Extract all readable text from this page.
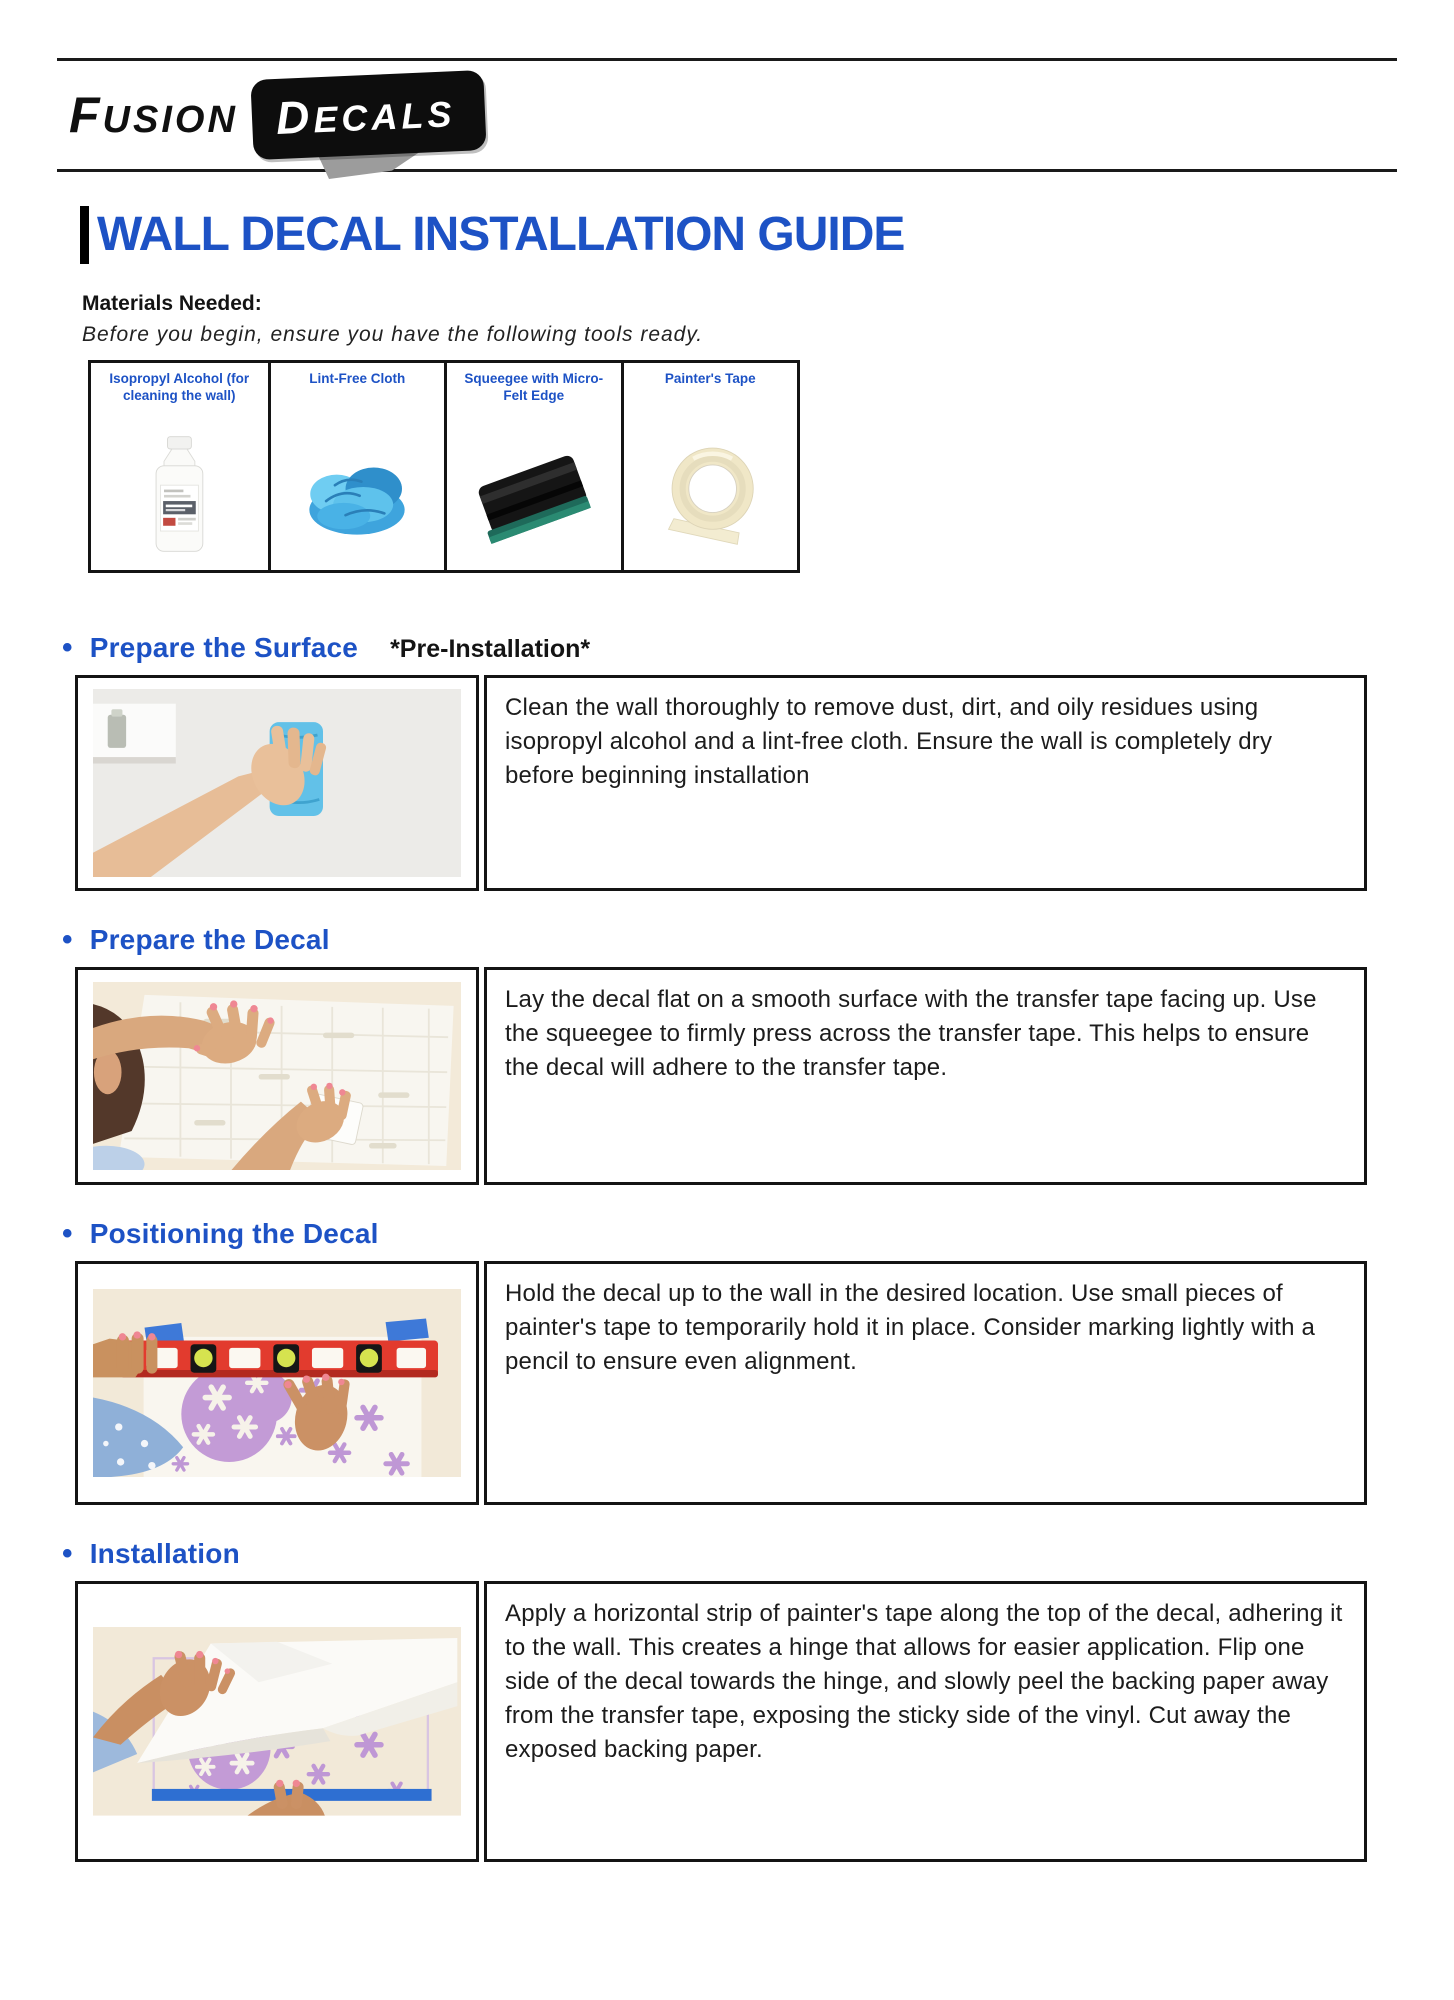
FUSION	DECALS
WALL DECAL INSTALLATION GUIDE
Materials Needed:
Before you begin, ensure you have the following tools ready.
Isopropyl Alcohol (for cleaning the wall)
Lint-Free Cloth	Squeegee with Micro-Felt Edge
Painter's Tape
• Prepare the Surface *Pre-Installation*
Clean the wall thoroughly to remove dust, dirt, and oily residues using isopropyl alcohol and a lint-free cloth. Ensure the wall is completely dry before beginning installation
• Prepare the Decal
Lay the decal flat on a smooth surface with the transfer tape facing up. Use the squeegee to firmly press across the transfer tape. This helps to ensure the decal will adhere to the transfer tape.
• Positioning the Decal
Hold the decal up to the wall in the desired location. Use small pieces of painter's tape to temporarily hold it in place. Consider marking lightly with a pencil to ensure even alignment.
• Installation
Apply a horizontal strip of painter's tape along the top of the decal, adhering it to the wall. This creates a hinge that allows for easier application. Flip one side of the decal towards the hinge, and slowly peel the backing paper away from the transfer tape, exposing the sticky side of the vinyl. Cut away the exposed backing paper.
